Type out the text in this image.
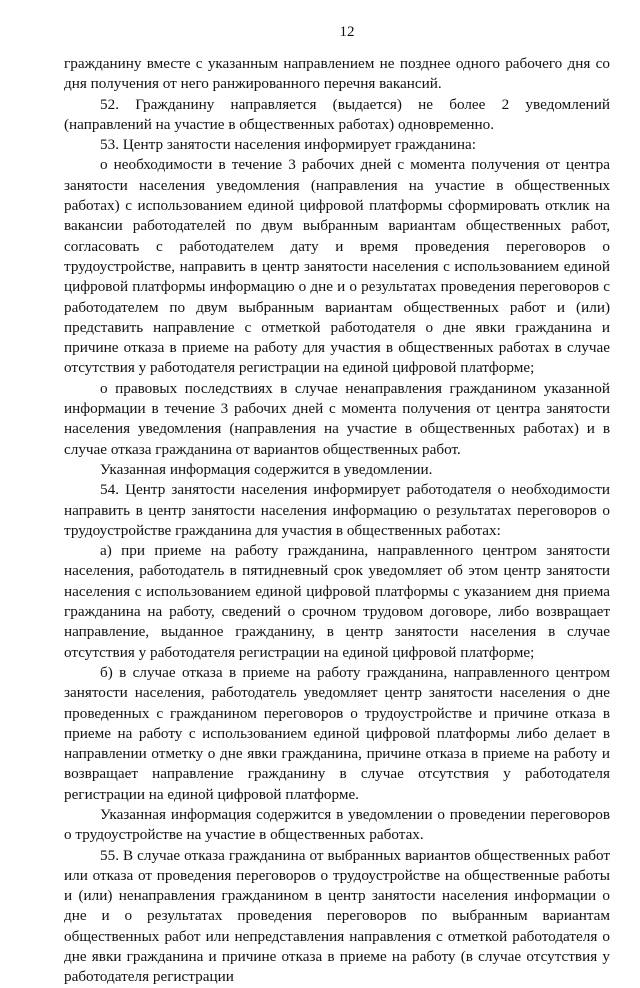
12

гражданину вместе с указанным направлением не позднее одного рабочего дня со дня получения от него ранжированного перечня вакансий.

52. Гражданину направляется (выдается) не более 2 уведомлений (направлений на участие в общественных работах) одновременно.

53. Центр занятости населения информирует гражданина:

о необходимости в течение 3 рабочих дней с момента получения от центра занятости населения уведомления (направления на участие в общественных работах) с использованием единой цифровой платформы сформировать отклик на вакансии работодателей по двум выбранным вариантам общественных работ, согласовать с работодателем дату и время проведения переговоров о трудоустройстве, направить в центр занятости населения с использованием единой цифровой платформы информацию о дне и о результатах проведения переговоров с работодателем по двум выбранным вариантам общественных работ и (или) представить направление с отметкой работодателя о дне явки гражданина и причине отказа в приеме на работу для участия в общественных работах в случае отсутствия у работодателя регистрации на единой цифровой платформе;

о правовых последствиях в случае ненаправления гражданином указанной информации в течение 3 рабочих дней с момента получения от центра занятости населения уведомления (направления на участие в общественных работах) и в случае отказа гражданина от вариантов общественных работ.

Указанная информация содержится в уведомлении.

54. Центр занятости населения информирует работодателя о необходимости направить в центр занятости населения информацию о результатах переговоров о трудоустройстве гражданина для участия в общественных работах:

а) при приеме на работу гражданина, направленного центром занятости населения, работодатель в пятидневный срок уведомляет об этом центр занятости населения с использованием единой цифровой платформы с указанием дня приема гражданина на работу, сведений о срочном трудовом договоре, либо возвращает направление, выданное гражданину, в центр занятости населения в случае отсутствия у работодателя регистрации на единой цифровой платформе;

б) в случае отказа в приеме на работу гражданина, направленного центром занятости населения, работодатель уведомляет центр занятости населения о дне проведенных с гражданином переговоров о трудоустройстве и причине отказа в приеме на работу с использованием единой цифровой платформы либо делает в направлении отметку о дне явки гражданина, причине отказа в приеме на работу и возвращает направление гражданину в случае отсутствия у работодателя регистрации на единой цифровой платформе.

Указанная информация содержится в уведомлении о проведении переговоров о трудоустройстве на участие в общественных работах.

55. В случае отказа гражданина от выбранных вариантов общественных работ или отказа от проведения переговоров о трудоустройстве на общественные работы и (или) ненаправления гражданином в центр занятости населения информации о дне и о результатах проведения переговоров по выбранным вариантам общественных работ или непредставления направления с отметкой работодателя о дне явки гражданина и причине отказа в приеме на работу (в случае отсутствия у работодателя регистрации
